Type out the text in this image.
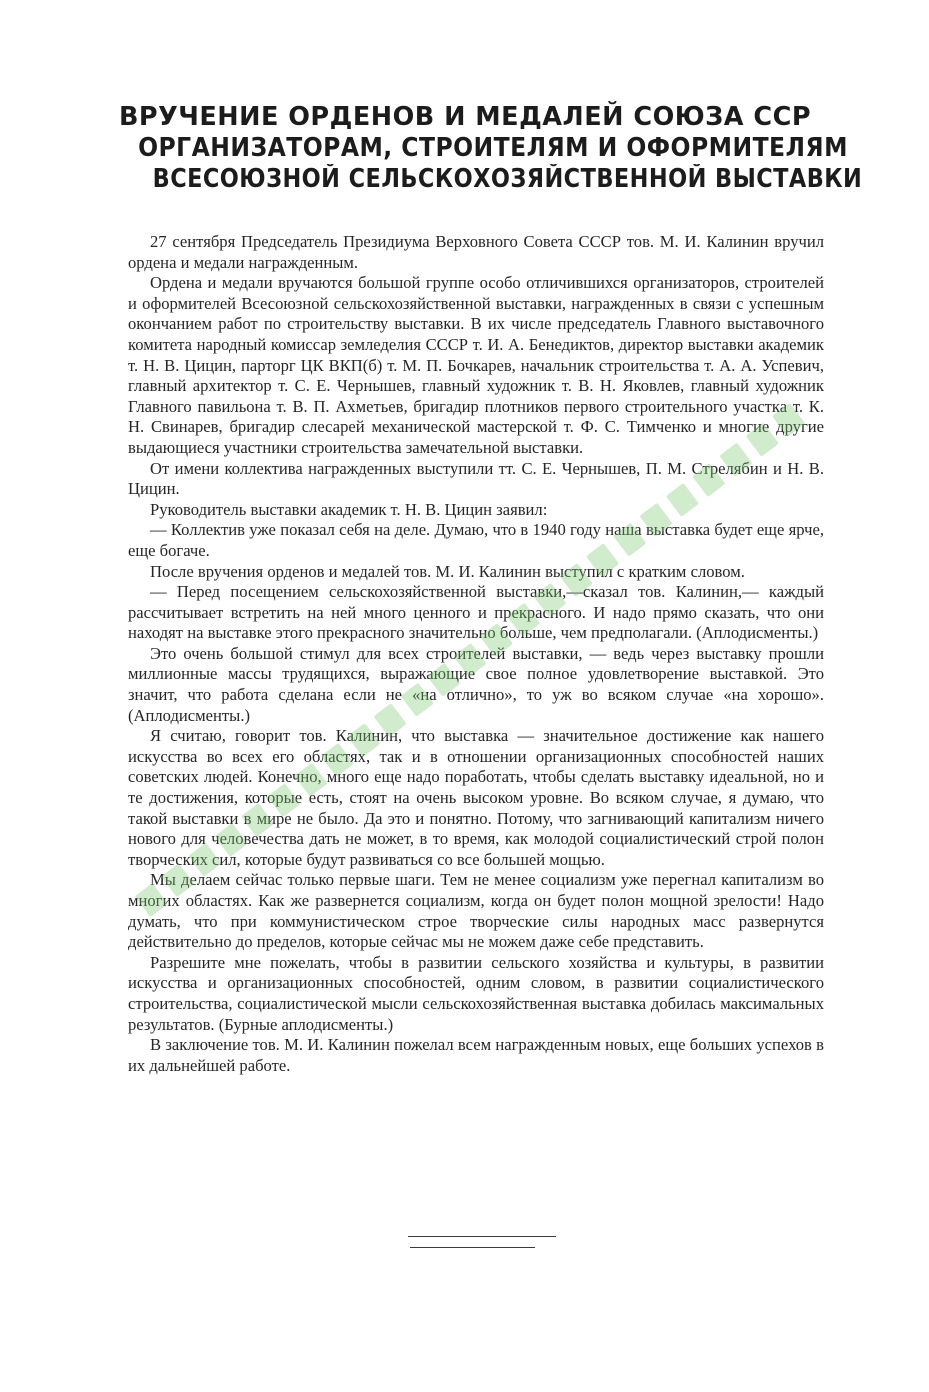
ВРУЧЕНИЕ ОРДЕНОВ И МЕДАЛЕЙ СОЮЗА ССР
ОРГАНИЗАТОРАМ, СТРОИТЕЛЯМ И ОФОРМИТЕЛЯМ
ВСЕСОЮЗНОЙ СЕЛЬСКОХОЗЯЙСТВЕННОЙ ВЫСТАВКИ

27 сентября Председатель Президиума Верховного Совета СССР тов. М. И. Калинин вручил ордена и медали награжденным.

Ордена и медали вручаются большой группе особо отличившихся организаторов, строителей и оформителей Всесоюзной сельскохозяйственной выставки, награжденных в связи с успешным окончанием работ по строительству выставки. В их числе председатель Главного выставочного комитета народный комиссар земледелия СССР т. И. А. Бенедиктов, директор выставки академик т. Н. В. Цицин, парторг ЦК ВКП(б) т. М. П. Бочкарев, начальник строительства т. А. А. Успевич, главный архитектор т. С. Е. Чернышев, главный художник т. В. Н. Яковлев, главный художник Главного павильона т. В. П. Ахметьев, бригадир плотников первого строительного участка т. К. Н. Свинарев, бригадир слесарей механической мастерской т. Ф. С. Тимченко и многие другие выдающиеся участники строительства замечательной выставки.

От имени коллектива награжденных выступили тт. С. Е. Чернышев, П. М. Стрелябин и Н. В. Цицин.

Руководитель выставки академик т. Н. В. Цицин заявил:

— Коллектив уже показал себя на деле. Думаю, что в 1940 году наша выставка будет еще ярче, еще богаче.

После вручения орденов и медалей тов. М. И. Калинин выступил с кратким словом.

— Перед посещением сельскохозяйственной выставки,—сказал тов. Калинин,— каждый рассчитывает встретить на ней много ценного и прекрасного. И надо прямо сказать, что они находят на выставке этого прекрасного значительно больше, чем предполагали. (Аплодисменты.)

Это очень большой стимул для всех строителей выставки, — ведь через выставку прошли миллионные массы трудящихся, выражающие свое полное удовлетворение выставкой. Это значит, что работа сделана если не «на отлично», то уж во всяком случае «на хорошо». (Аплодисменты.)

Я считаю, говорит тов. Калинин, что выставка — значительное достижение как нашего искусства во всех его областях, так и в отношении организационных способностей наших советских людей. Конечно, много еще надо поработать, чтобы сделать выставку идеальной, но и те достижения, которые есть, стоят на очень высоком уровне. Во всяком случае, я думаю, что такой выставки в мире не было. Да это и понятно. Потому, что загнивающий капитализм ничего нового для человечества дать не может, в то время, как молодой социалистический строй полон творческих сил, которые будут развиваться со все большей мощью.

Мы делаем сейчас только первые шаги. Тем не менее социализм уже перегнал капитализм во многих областях. Как же развернется социализм, когда он будет полон мощной зрелости! Надо думать, что при коммунистическом строе творческие силы народных масс развернутся действительно до пределов, которые сейчас мы не можем даже себе представить.

Разрешите мне пожелать, чтобы в развитии сельского хозяйства и культуры, в развитии искусства и организационных способностей, одним словом, в развитии социалистического строительства, социалистической мысли сельскохозяйственная выставка добилась максимальных результатов. (Бурные аплодисменты.)

В заключение тов. М. И. Калинин пожелал всем награжденным новых, еще больших успехов в их дальнейшей работе.
